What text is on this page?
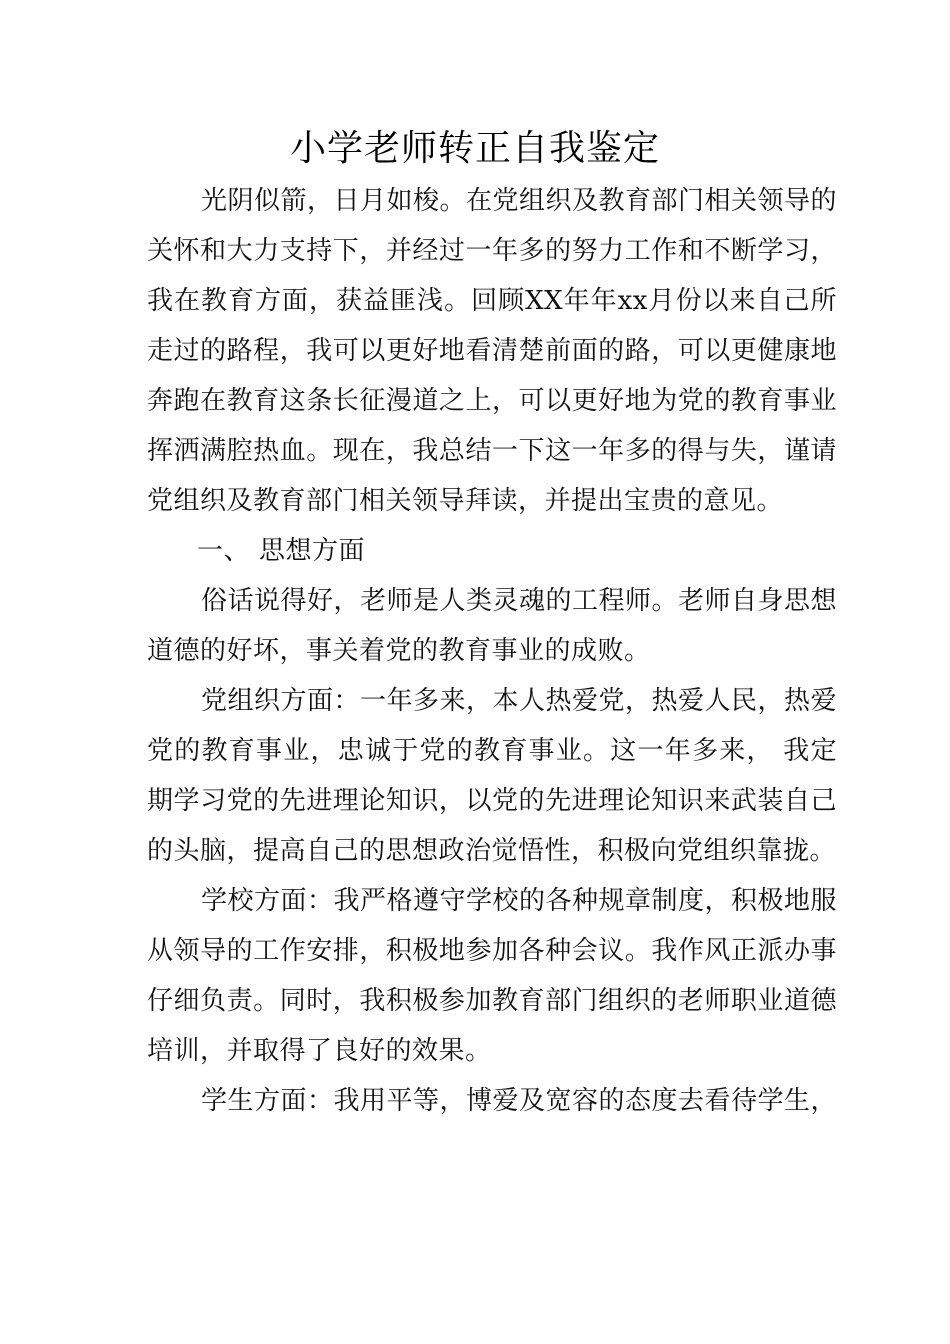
小学老师转正自我鉴定

光阴似箭，日月如梭。在党组织及教育部门相关领导的关怀和大力支持下，并经过一年多的努力工作和不断学习，我在教育方面，获益匪浅。回顾XX年年xx月份以来自己所走过的路程，我可以更好地看清楚前面的路，可以更健康地奔跑在教育这条长征漫道之上，可以更好地为党的教育事业挥洒满腔热血。现在，我总结一下这一年多的得与失，谨请党组织及教育部门相关领导拜读，并提出宝贵的意见。

一、 思想方面

俗话说得好，老师是人类灵魂的工程师。老师自身思想道德的好坏，事关着党的教育事业的成败。

党组织方面：一年多来，本人热爱党，热爱人民，热爱党的教育事业，忠诚于党的教育事业。这一年多来， 我定期学习党的先进理论知识，以党的先进理论知识来武装自己的头脑，提高自己的思想政治觉悟性，积极向党组织靠拢。

学校方面：我严格遵守学校的各种规章制度，积极地服从领导的工作安排，积极地参加各种会议。我作风正派办事仔细负责。同时，我积极参加教育部门组织的老师职业道德培训，并取得了良好的效果。

学生方面：我用平等，博爱及宽容的态度去看待学生，
